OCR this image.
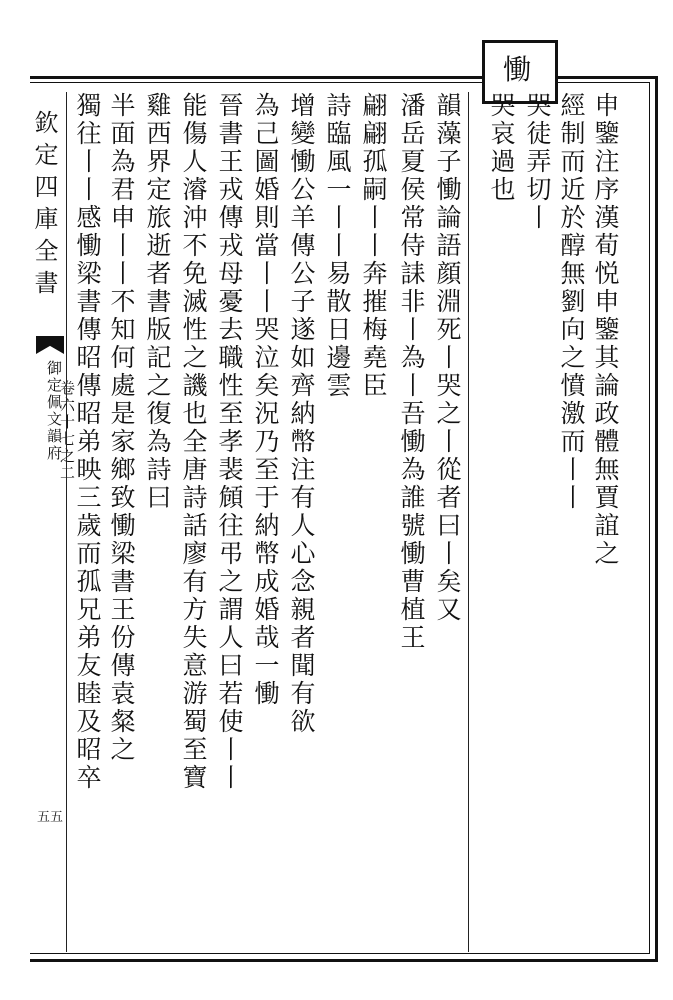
慟
欽定四庫全書
御定佩文韻府
卷六十七之二
五五
申鑒注序漢荀悦申鑒其論政體無賈誼之
經制而近於醇無劉向之憤激而丨丨
哭徒弄切丨
哭哀過也
韻藻子慟論語顔淵死丨哭之丨從者曰丨矣又
潘岳夏侯常侍誄非丨為丨吾慟為誰號慟曹植王
翩翩孤嗣丨丨奔摧梅堯臣
詩臨風一丨丨易散日邊雲
增變慟公羊傳公子遂如齊納幣注有人心念親者聞有欲
為己圖婚則當丨丨哭泣矣況乃至于納幣成婚哉一慟
晉書王戎傳戎母憂去職性至孝裴頠往弔之謂人曰若使丨丨
能傷人濬沖不免滅性之譏也全唐詩話廖有方失意游蜀至寶
雞西界定旅逝者書版記之復為詩曰
半面為君申丨丨不知何處是家鄉致慟梁書王份傳袁粲之
獨往丨丨感慟梁書傳昭傳昭弟映三歲而孤兄弟友睦及昭卒
